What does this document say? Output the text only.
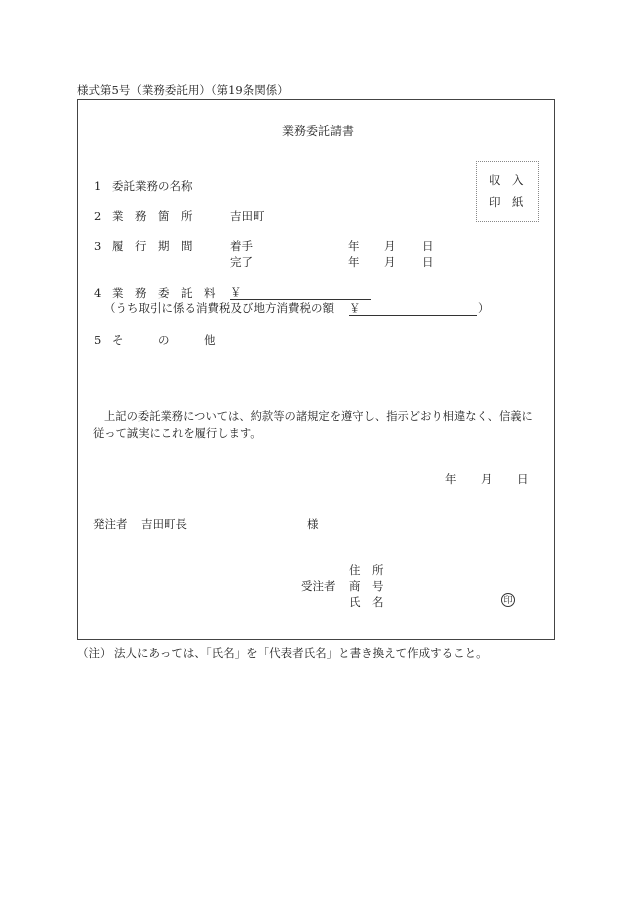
様式第5号（業務委託用）（第19条関係）
業務委託請書
収　入
印　紙
1 委託業務の名称
2 業　務　箇　所	吉田町
3 履　行　期　間	着手	年 月 日
完了	年 月 日
4 業　務　委　託　料 ￥
（うち取引に係る消費税及び地方消費税の額 ￥	）
5 そ　　　の　　　他
上記の委託業務については、約款等の諸規定を遵守し、指示どおり相違なく、信義に
従って誠実にこれを履行します。
年 月 日
発注者 吉田町長	様
住　所
受注者 商　号
氏　名	印
（注） 法人にあっては、「氏名」を「代表者氏名」と書き換えて作成すること。
